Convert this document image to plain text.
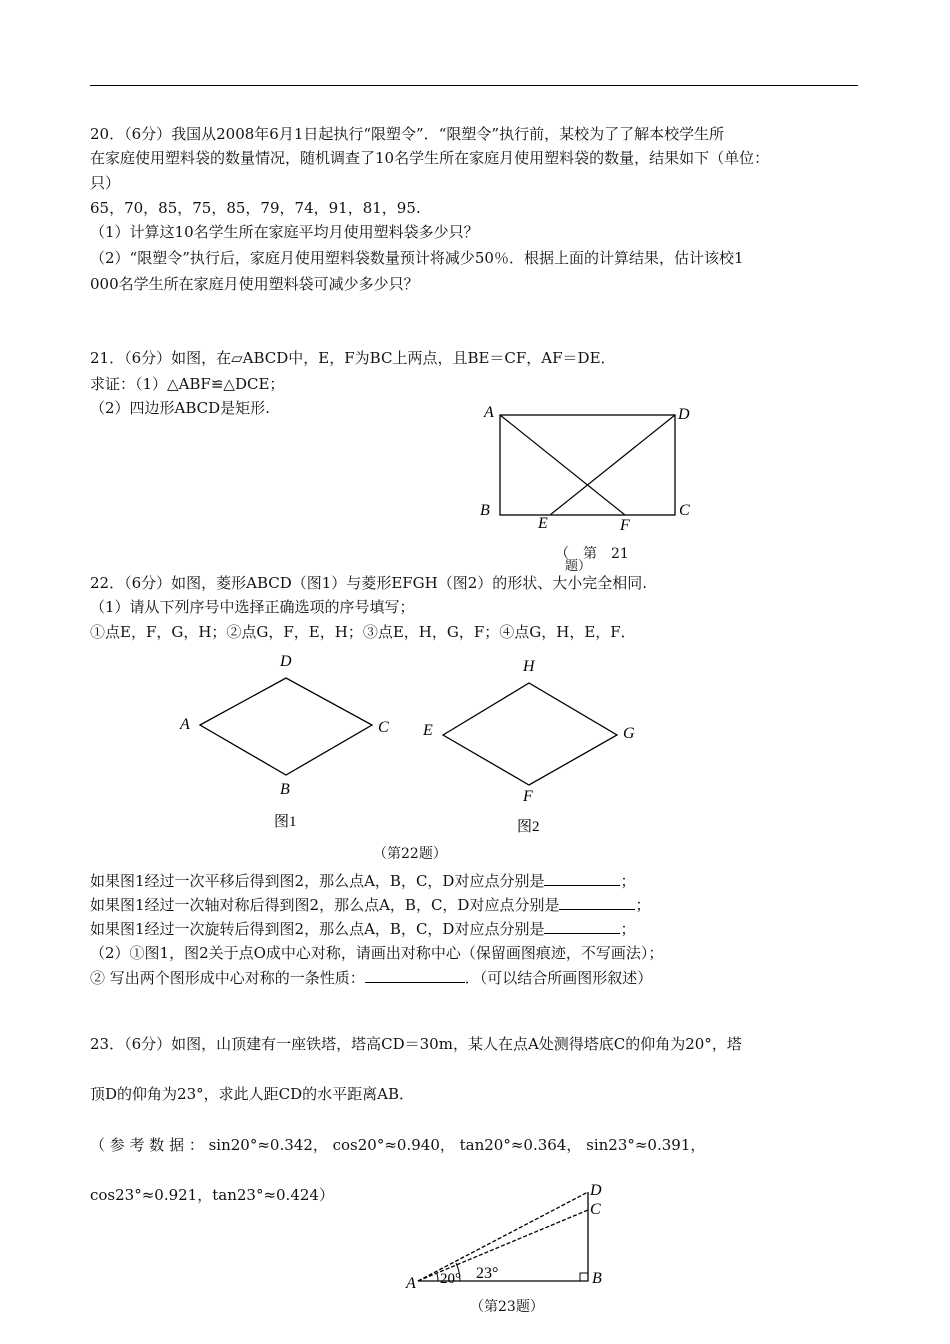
20．（6分）我国从2008年6月1日起执行“限塑令”．“限塑令”执行前，某校为了了解本校学生所
在家庭使用塑料袋的数量情况，随机调查了10名学生所在家庭月使用塑料袋的数量，结果如下（单位：
只）
65，70，85，75，85，79，74，91，81，95.
（1）计算这10名学生所在家庭平均月使用塑料袋多少只？
（2）“限塑令”执行后，家庭月使用塑料袋数量预计将减少50％．根据上面的计算结果，估计该校1
000名学生所在家庭月使用塑料袋可减少多少只？
21．（6分）如图，在▱ABCD中，E，F为BC上两点，且BE＝CF，AF＝DE．
求证：（1）△ABF≌△DCE；
（2）四边形ABCD是矩形.	A	D
B	C
E	F
（　第　21
题）
22．（6分）如图，菱形ABCD（图1）与菱形EFGH（图2）的形状、大小完全相同.
（1）请从下列序号中选择正确选项的序号填写；
①点E，F，G，H；②点G，F，E，H；③点E，H，G，F；④点G，H，E，F．
D
A	C
B
图1
H
E	G
F
图2
（第22题）
如果图1经过一次平移后得到图2，那么点A，B，C，D对应点分别是	；
如果图1经过一次轴对称后得到图2，那么点A，B，C，D对应点分别是	；
如果图1经过一次旋转后得到图2，那么点A，B，C，D对应点分别是	；
（2）①图1，图2关于点O成中心对称，请画出对称中心（保留画图痕迹，不写画法）；
② 写出两个图形成中心对称的一条性质：	．（可以结合所画图形叙述）
23．（6分）如图，山顶建有一座铁塔，塔高CD＝30m，某人在点A处测得塔底C的仰角为20°，塔
顶D的仰角为23°，求此人距CD的水平距离AB．
（ 参 考 数 据 ： sin20°≈0.342， cos20°≈0.940， tan20°≈0.364， sin23°≈0.391，
cos23°≈0.921，tan23°≈0.424）
A	B
C
D
20° 23°
（第23题）
